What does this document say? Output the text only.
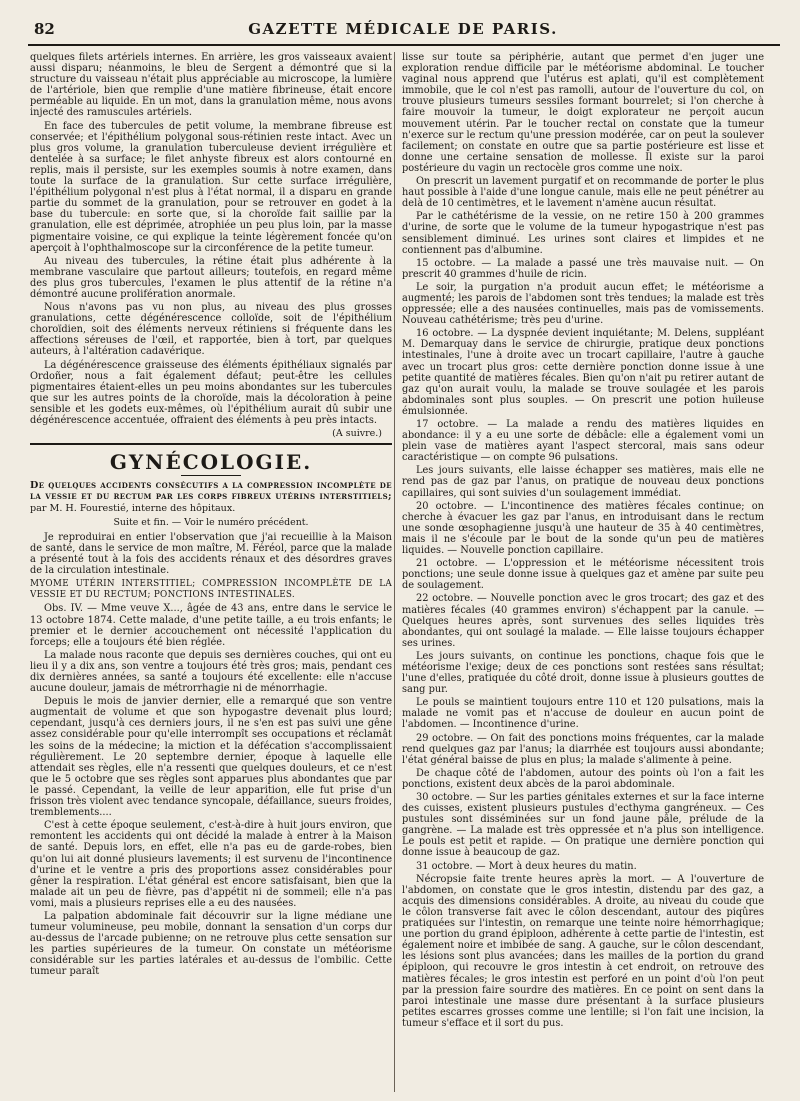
82	GAZETTE MÉDICALE DE PARIS.

quelques filets artériels internes. En arrière, les gros vaisseaux avaient aussi disparu; néanmoins, le bleu de Sergent a démontré que si la structure du vaisseau n'était plus appréciable au microscope, la lumière de l'artériole, bien que remplie d'une matière fibrineuse, était encore perméable au liquide. En un mot, dans la granulation même, nous avons injecté des ramuscules artériels.

En face des tubercules de petit volume, la membrane fibreuse est conservée; et l'épithélium polygonal sous-rétinien reste intact. Avec un plus gros volume, la granulation tuberculeuse devient irrégulière et dentelée à sa surface; le filet anhyste fibreux est alors contourné en replis, mais il persiste, sur les exemples soumis à notre examen, dans toute la surface de la granulation. Sur cette surface irrégulière, l'épithélium polygonal n'est plus à l'état normal, il a disparu en grande partie du sommet de la granulation, pour se retrouver en godet à la base du tubercule: en sorte que, si la choroïde fait saillie par la granulation, elle est déprimée, atrophiée un peu plus loin, par la masse pigmentaire voisine, ce qui explique la teinte légèrement foncée qu'on aperçoit à l'ophthalmoscope sur la circonférence de la petite tumeur.

Au niveau des tubercules, la rétine était plus adhérente à la membrane vasculaire que partout ailleurs; toutefois, en regard même des plus gros tubercules, l'examen le plus attentif de la rétine n'a démontré aucune prolifération anormale.

Nous n'avons pas vu non plus, au niveau des plus grosses granulations, cette dégénérescence colloïde, soit de l'épithélium choroïdien, soit des éléments nerveux rétiniens si fréquente dans les affections séreuses de l'œil, et rapportée, bien à tort, par quelques auteurs, à l'altération cadavérique.

La dégénérescence graisseuse des éléments épithéliaux signalés par Ordoñer, nous a fait également défaut; peut-être les cellules pigmentaires étaient-elles un peu moins abondantes sur les tubercules que sur les autres points de la choroïde, mais la décoloration à peine sensible et les godets eux-mêmes, où l'épithélium aurait dû subir une dégénérescence accentuée, offraient des éléments à peu près intacts.

(A suivre.)
GYNÉCOLOGIE.

De quelques accidents consécutifs a la compression incomplète de la vessie et du rectum par les corps fibreux utérins interstitiels; par M. H. Fourestié, interne des hôpitaux.

Suite et fin. — Voir le numéro précédent.

Je reproduirai en entier l'observation que j'ai recueillie à la Maison de santé, dans le service de mon maître, M. Féréol, parce que la malade a présenté tout à la fois des accidents rénaux et des désordres graves de la circulation intestinale.

MYOME UTÉRIN INTERSTITIEL; COMPRESSION INCOMPLÈTE DE LA VESSIE ET DU RECTUM; PONCTIONS INTESTINALES.

Obs. IV. — Mme veuve X..., âgée de 43 ans, entre dans le service le 13 octobre 1874. Cette malade, d'une petite taille, a eu trois enfants; le premier et le dernier accouchement ont nécessité l'application du forceps; elle a toujours été bien réglée.

La malade nous raconte que depuis ses dernières couches, qui ont eu lieu il y a dix ans, son ventre a toujours été très gros; mais, pendant ces dix dernières années, sa santé a toujours été excellente: elle n'accuse aucune douleur, jamais de métrorrhagie ni de ménorrhagie.

Depuis le mois de janvier dernier, elle a remarqué que son ventre augmentait de volume et que son hypogastre devenait plus lourd; cependant, jusqu'à ces derniers jours, il ne s'en est pas suivi une gêne assez considérable pour qu'elle interrompît ses occupations et réclamât les soins de la médecine; la miction et la défécation s'accomplissaient régulièrement. Le 20 septembre dernier, époque à laquelle elle attendait ses règles, elle n'a ressenti que quelques douleurs, et ce n'est que le 5 octobre que ses règles sont apparues plus abondantes que par le passé. Cependant, la veille de leur apparition, elle fut prise d'un frisson très violent avec tendance syncopale, défaillance, sueurs froides, tremblements....

C'est à cette époque seulement, c'est-à-dire à huit jours environ, que remontent les accidents qui ont décidé la malade à entrer à la Maison de santé. Depuis lors, en effet, elle n'a pas eu de garde-robes, bien qu'on lui ait donné plusieurs lavements; il est survenu de l'incontinence d'urine et le ventre a pris des proportions assez considérables pour gêner la respiration. L'état général est encore satisfaisant, bien que la malade ait un peu de fièvre, pas d'appétit ni de sommeil; elle n'a pas vomi, mais a plusieurs reprises elle a eu des nausées.

La palpation abdominale fait découvrir sur la ligne médiane une tumeur volumineuse, peu mobile, donnant la sensation d'un corps dur au-dessus de l'arcade pubienne; on ne retrouve plus cette sensation sur les parties supérieures de la tumeur. On constate un météorisme considérable sur les parties latérales et au-dessus de l'ombilic. Cette tumeur paraît

lisse sur toute sa périphérie, autant que permet d'en juger une exploration rendue difficile par le météorisme abdominal. Le toucher vaginal nous apprend que l'utérus est aplati, qu'il est complètement immobile, que le col n'est pas ramolli, autour de l'ouverture du col, on trouve plusieurs tumeurs sessiles formant bourrelet; si l'on cherche à faire mouvoir la tumeur, le doigt explorateur ne perçoit aucun mouvement utérin. Par le toucher rectal on constate que la tumeur n'exerce sur le rectum qu'une pression modérée, car on peut la soulever facilement; on constate en outre que sa partie postérieure est lisse et donne une certaine sensation de mollesse. Il existe sur la paroi postérieure du vagin un rectocèle gros comme une noix.

On prescrit un lavement purgatif et on recommande de porter le plus haut possible à l'aide d'une longue canule, mais elle ne peut pénétrer au delà de 10 centimètres, et le lavement n'amène aucun résultat.

Par le cathétérisme de la vessie, on ne retire 150 à 200 grammes d'urine, de sorte que le volume de la tumeur hypogastrique n'est pas sensiblement diminué. Les urines sont claires et limpides et ne contiennent pas d'albumine.

15 octobre. — La malade a passé une très mauvaise nuit. — On prescrit 40 grammes d'huile de ricin.

Le soir, la purgation n'a produit aucun effet; le météorisme a augmenté; les parois de l'abdomen sont très tendues; la malade est très oppressée; elle a des nausées continuelles, mais pas de vomissements. Nouveau cathétérisme; très peu d'urine.

16 octobre. — La dyspnée devient inquiétante; M. Delens, suppléant M. Demarquay dans le service de chirurgie, pratique deux ponctions intestinales, l'une à droite avec un trocart capillaire, l'autre à gauche avec un trocart plus gros: cette dernière ponction donne issue à une petite quantité de matières fécales. Bien qu'on n'ait pu retirer autant de gaz qu'on aurait voulu, la malade se trouve soulagée et les parois abdominales sont plus souples. — On prescrit une potion huileuse émulsionnée.

17 octobre. — La malade a rendu des matières liquides en abondance: il y a eu une sorte de débâcle: elle a également vomi un plein vase de matières ayant l'aspect stercoral, mais sans odeur caractéristique — on compte 96 pulsations.

Les jours suivants, elle laisse échapper ses matières, mais elle ne rend pas de gaz par l'anus, on pratique de nouveau deux ponctions capillaires, qui sont suivies d'un soulagement immédiat.

20 octobre. — L'incontinence des matières fécales continue; on cherche à évacuer les gaz par l'anus, en introduisant dans le rectum une sonde œsophagienne jusqu'à une hauteur de 35 à 40 centimètres, mais il ne s'écoule par le bout de la sonde qu'un peu de matières liquides. — Nouvelle ponction capillaire.

21 octobre. — L'oppression et le météorisme nécessitent trois ponctions; une seule donne issue à quelques gaz et amène par suite peu de soulagement.

22 octobre. — Nouvelle ponction avec le gros trocart; des gaz et des matières fécales (40 grammes environ) s'échappent par la canule. — Quelques heures après, sont survenues des selles liquides très abondantes, qui ont soulagé la malade. — Elle laisse toujours échapper ses urines.

Les jours suivants, on continue les ponctions, chaque fois que le météorisme l'exige; deux de ces ponctions sont restées sans résultat; l'une d'elles, pratiquée du côté droit, donne issue à plusieurs gouttes de sang pur.

Le pouls se maintient toujours entre 110 et 120 pulsations, mais la malade ne vomit pas et n'accuse de douleur en aucun point de l'abdomen. — Incontinence d'urine.

29 octobre. — On fait des ponctions moins fréquentes, car la malade rend quelques gaz par l'anus; la diarrhée est toujours aussi abondante; l'état général baisse de plus en plus; la malade s'alimente à peine.

De chaque côté de l'abdomen, autour des points où l'on a fait les ponctions, existent deux abcès de la paroi abdominale.

30 octobre. — Sur les parties génitales externes et sur la face interne des cuisses, existent plusieurs pustules d'ecthyma gangréneux. — Ces pustules sont disséminées sur un fond jaune pâle, prélude de la gangrène. — La malade est très oppressée et n'a plus son intelligence. Le pouls est petit et rapide. — On pratique une dernière ponction qui donne issue à beaucoup de gaz.

31 octobre. — Mort à deux heures du matin.

Nécropsie faite trente heures après la mort. — A l'ouverture de l'abdomen, on constate que le gros intestin, distendu par des gaz, a acquis des dimensions considérables. A droite, au niveau du coude que le côlon transverse fait avec le côlon descendant, autour des piqûres pratiquées sur l'intestin, on remarque une teinte noire hémorrhagique; une portion du grand épiploon, adhérente à cette partie de l'intestin, est également noire et imbibée de sang. A gauche, sur le côlon descendant, les lésions sont plus avancées; dans les mailles de la portion du grand épiploon, qui recouvre le gros intestin à cet endroit, on retrouve des matières fécales; le gros intestin est perforé en un point d'où l'on peut par la pression faire sourdre des matières. En ce point on sent dans la paroi intestinale une masse dure présentant à la surface plusieurs petites escarres grosses comme une lentille; si l'on fait une incision, la tumeur s'efface et il sort du pus.
